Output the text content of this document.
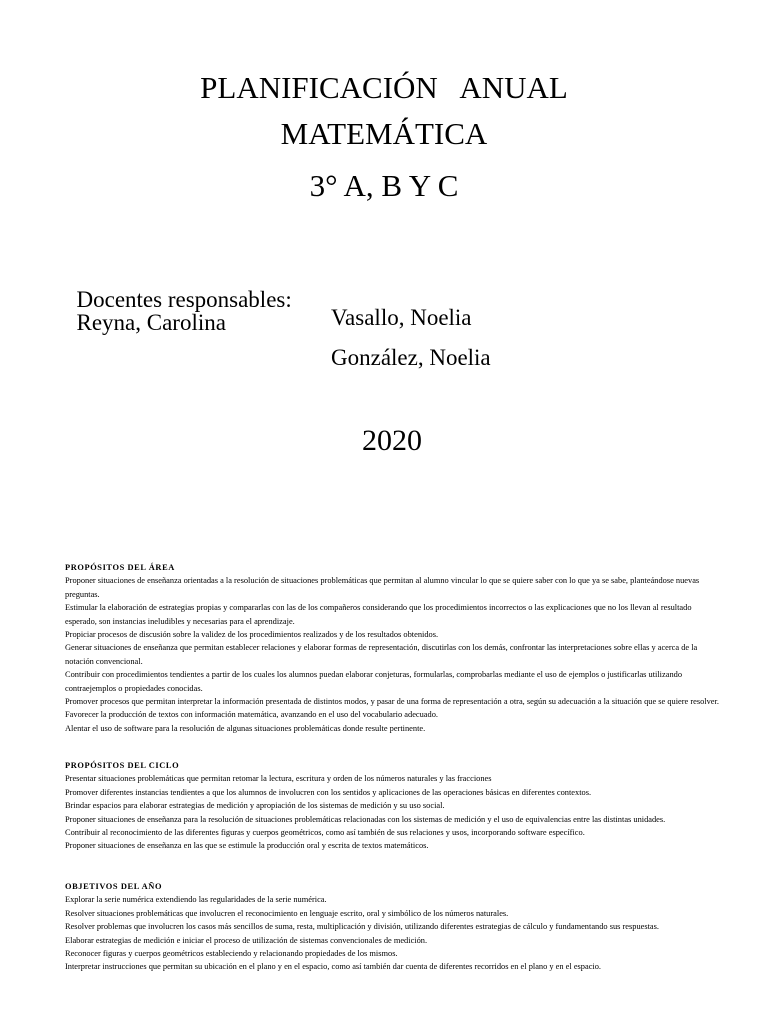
PLANIFICACIÓN   ANUAL
MATEMÁTICA
3° A, B Y C

Docentes responsables:
Reyna, Carolina	Vasallo, Noelia
González, Noelia
2020
PROPÓSITOS DEL ÁREA

Proponer situaciones de enseñanza orientadas a la resolución de situaciones problemáticas que permitan al alumno vincular lo que se quiere saber con lo que ya se sabe, planteándose nuevas preguntas.

Estimular la elaboración de estrategias propias y compararlas con las de los compañeros considerando que los procedimientos incorrectos o las explicaciones que no los llevan al resultado esperado, son instancias ineludibles y necesarias para el aprendizaje.

Propiciar procesos de discusión sobre la validez de los procedimientos realizados y de los resultados obtenidos.

Generar situaciones de enseñanza que permitan establecer relaciones y elaborar formas de representación, discutirlas con los demás, confrontar las interpretaciones sobre ellas y acerca de la notación convencional.

Contribuir con procedimientos tendientes a partir de los cuales los alumnos puedan elaborar conjeturas, formularlas, comprobarlas mediante el uso de ejemplos o justificarlas utilizando contraejemplos o propiedades conocidas.

Promover procesos que permitan interpretar la información presentada de distintos modos, y pasar de una forma de representación a otra, según su adecuación a la situación que se quiere resolver.

Favorecer la producción de textos con información matemática, avanzando en el uso del vocabulario adecuado.

Alentar el uso de software para la resolución de algunas situaciones problemáticas donde resulte pertinente.

PROPÓSITOS DEL CICLO

Presentar situaciones problemáticas que permitan retomar la lectura, escritura y orden de los números naturales y las fracciones

Promover diferentes instancias tendientes a que los alumnos de involucren con los sentidos y aplicaciones de las operaciones básicas en diferentes contextos.

Brindar espacios para elaborar estrategias de medición y apropiación de los sistemas de medición y su uso social.

Proponer situaciones de enseñanza para la resolución de situaciones problemáticas relacionadas con los sistemas de medición y el uso de equivalencias entre las distintas unidades.

Contribuir al reconocimiento de las diferentes figuras y cuerpos geométricos, como así también de sus relaciones y usos, incorporando software específico.

Proponer situaciones de enseñanza en las que se estimule la producción oral y escrita de textos matemáticos.

OBJETIVOS DEL AÑO

Explorar la serie numérica extendiendo las regularidades de la serie numérica.

Resolver situaciones problemáticas que involucren el reconocimiento en lenguaje escrito, oral y simbólico de los números naturales.

Resolver problemas que involucren los casos más sencillos de suma, resta, multiplicación y división, utilizando diferentes estrategias de cálculo y fundamentando sus respuestas.

Elaborar estrategias de medición e iniciar el proceso de utilización de sistemas convencionales de medición.

Reconocer figuras y cuerpos geométricos estableciendo y relacionando propiedades de los mismos.

Interpretar instrucciones que permitan su ubicación en el plano y en el espacio, como así también dar cuenta de diferentes recorridos en el plano y en el espacio.
